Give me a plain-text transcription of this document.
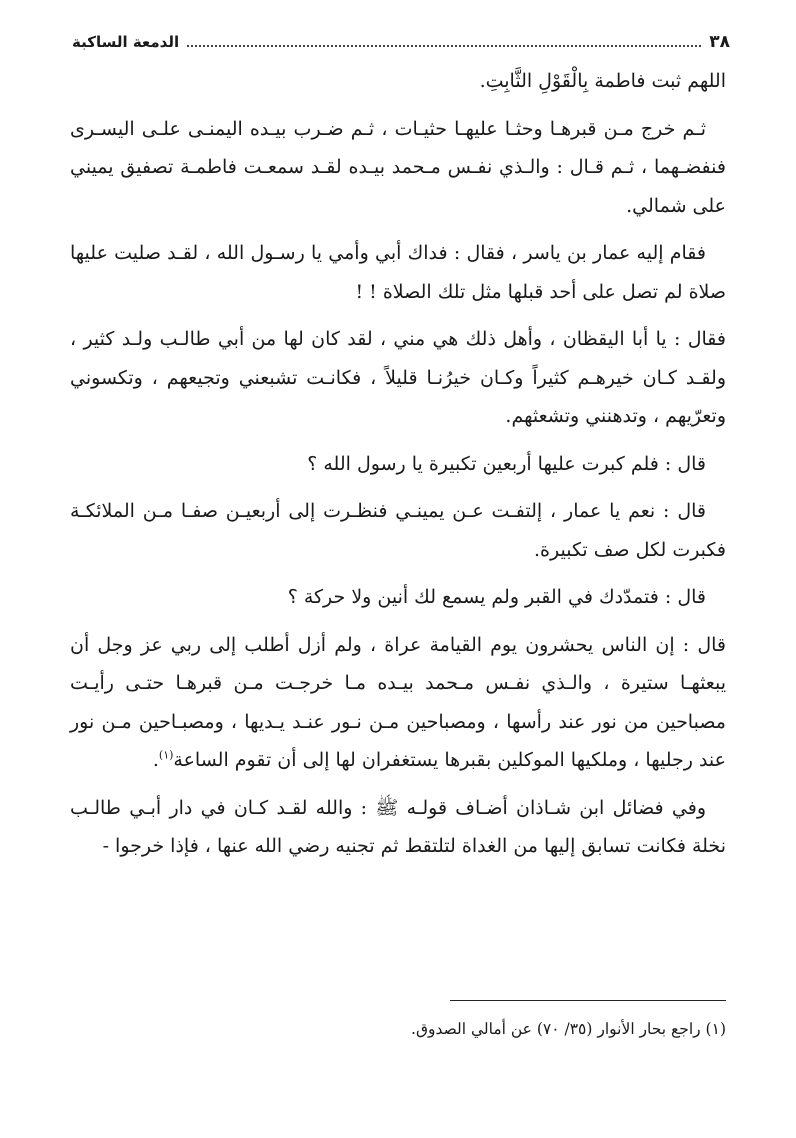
٣٨
الدمعة الساكبة

اللهم ثبت فاطمة بِالْقَوْلِ الثَّابِتِ.

ثـم خرج مـن قبرهـا وحثـا عليهـا حثيـات ، ثـم ضـرب بيـده اليمنـى علـى اليسـرى فنفضـهما ، ثـم قـال : والـذي نفـس مـحمد بيـده لقـد سمعـت فاطمـة تصفيق يميني على شمالي.

فقام إليه عمار بن ياسر ، فقال : فداك أبي وأمي يا رسـول الله ، لقـد صليت عليها صلاة لم تصل على أحد قبلها مثل تلك الصلاة ! !

فقال : يا أبا اليقظان ، وأهل ذلك هي مني ، لقد كان لها من أبي طالـب ولـد كثير ، ولقـد كـان خيرهـم كثيراً وكـان خيرُنـا قليلاً ، فكانـت تشبعني وتجيعهم ، وتكسوني وتعرّيهم ، وتدهنني وتشعثهم.

قال : فلم كبرت عليها أربعين تكبيرة يا رسول الله ؟

قال : نعم يا عمار ، إلتفـت عـن يمينـي فنظـرت إلى أربعيـن صفـا مـن الملائكـة فكبرت لكل صف تكبيرة.

قال : فتمدّدك في القبر ولم يسمع لك أنين ولا حركة ؟

قال : إن الناس يحشرون يوم القيامة عراة ، ولم أزل أطلب إلى ربي عز وجل أن يبعثهـا ستيرة ، والـذي نفـس مـحمد بيـده مـا خرجـت مـن قبرهـا حتـى رأيـت مصباحين من نور عند رأسها ، ومصباحين مـن نـور عنـد يـديها ، ومصبـاحين مـن نور عند رجليها ، وملكيها الموكلين بقبرها يستغفران لها إلى أن تقوم الساعة$^{(١)}$.

وفي فضائل ابن شـاذان أضـاف قولـه ﷺ : والله لقـد كـان في دار أبـي طالـب نخلة فكانت تسابق إليها من الغداة لتلتقط ثم تجنيه رضي الله عنها ، فإذا خرجوا -

(١) راجع بحار الأنوار (٣٥/ ٧٠) عن أمالي الصدوق.
